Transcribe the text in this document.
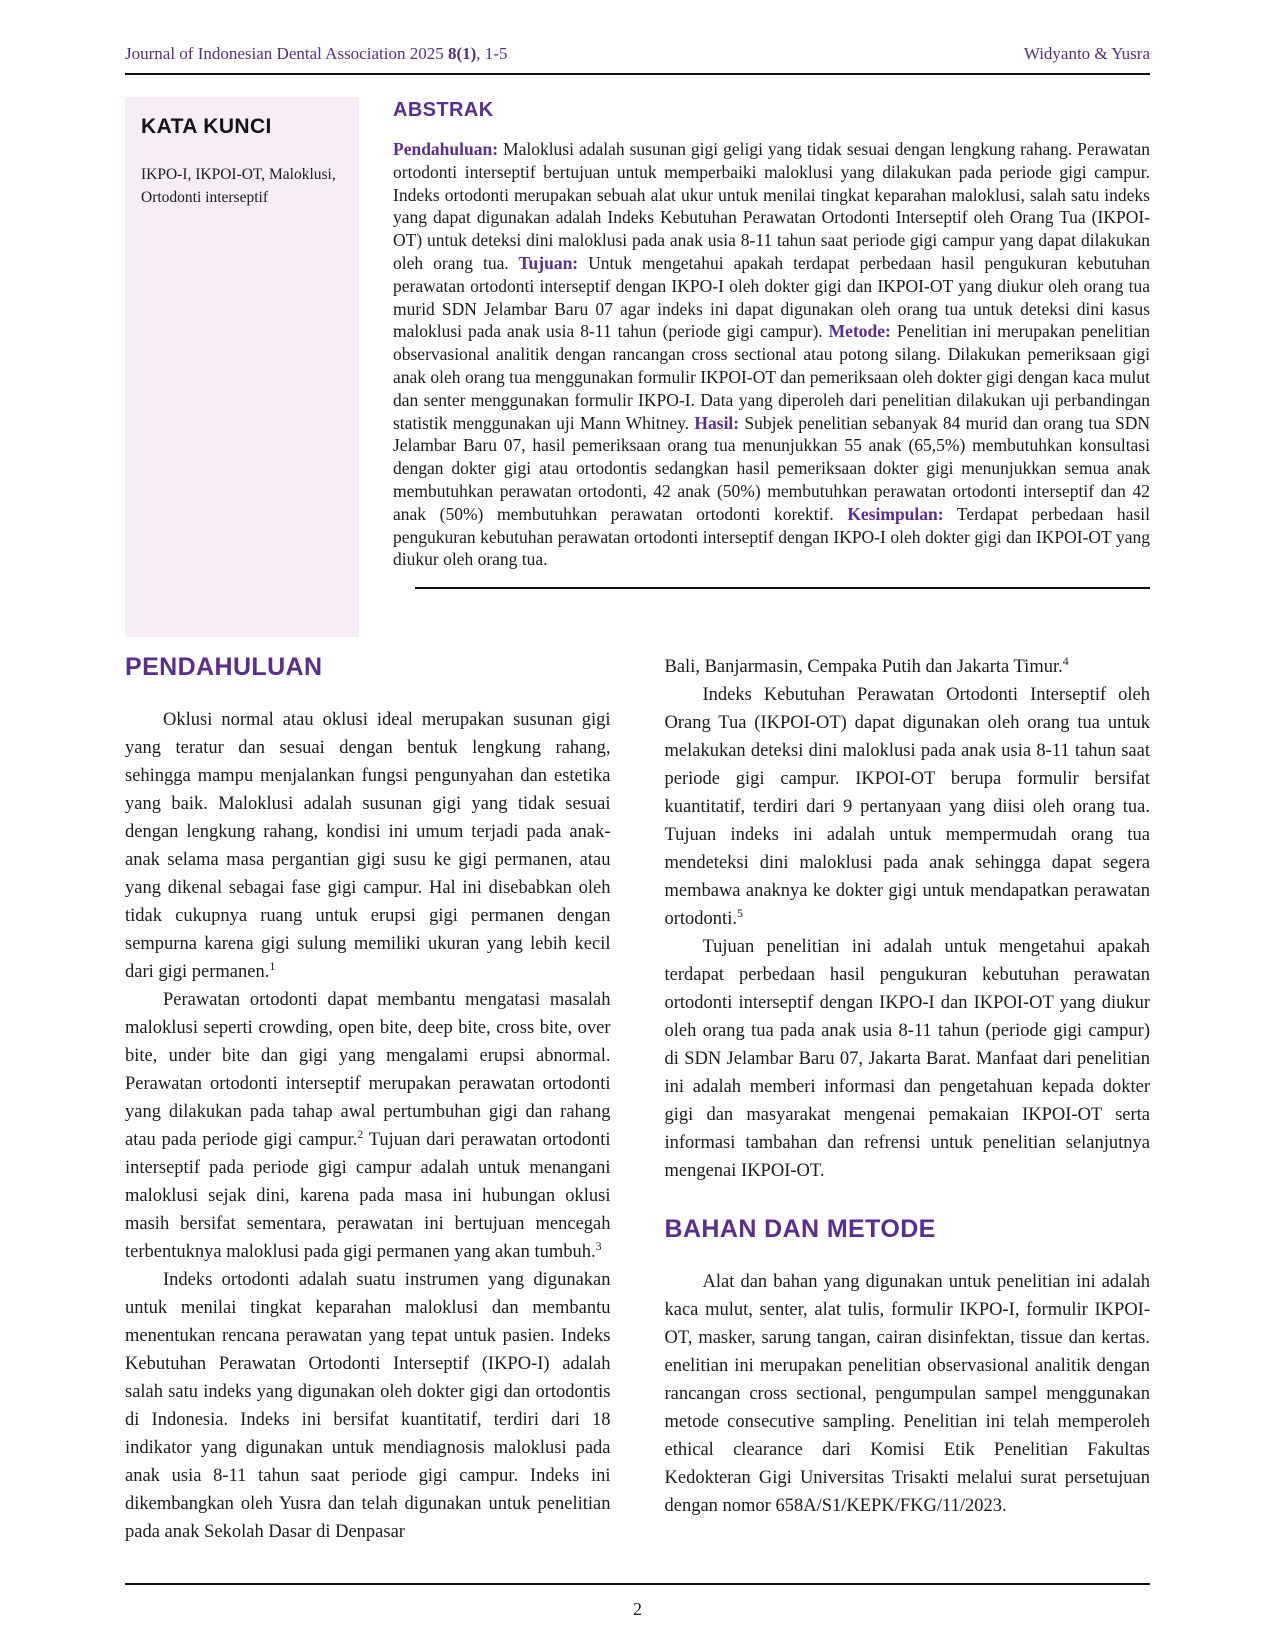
Journal of Indonesian Dental Association 2025 8(1), 1-5	Widyanto & Yusra
KATA KUNCI

IKPO-I, IKPOI-OT, Maloklusi, Ortodonti interseptif

ABSTRAK

Pendahuluan: Maloklusi adalah susunan gigi geligi yang tidak sesuai dengan lengkung rahang. Perawatan ortodonti interseptif bertujuan untuk memperbaiki maloklusi yang dilakukan pada periode gigi campur. Indeks ortodonti merupakan sebuah alat ukur untuk menilai tingkat keparahan maloklusi, salah satu indeks yang dapat digunakan adalah Indeks Kebutuhan Perawatan Ortodonti Interseptif oleh Orang Tua (IKPOI-OT) untuk deteksi dini maloklusi pada anak usia 8-11 tahun saat periode gigi campur yang dapat dilakukan oleh orang tua. Tujuan: Untuk mengetahui apakah terdapat perbedaan hasil pengukuran kebutuhan perawatan ortodonti interseptif dengan IKPO-I oleh dokter gigi dan IKPOI-OT yang diukur oleh orang tua murid SDN Jelambar Baru 07 agar indeks ini dapat digunakan oleh orang tua untuk deteksi dini kasus maloklusi pada anak usia 8-11 tahun (periode gigi campur). Metode: Penelitian ini merupakan penelitian observasional analitik dengan rancangan cross sectional atau potong silang. Dilakukan pemeriksaan gigi anak oleh orang tua menggunakan formulir IKPOI-OT dan pemeriksaan oleh dokter gigi dengan kaca mulut dan senter menggunakan formulir IKPO-I. Data yang diperoleh dari penelitian dilakukan uji perbandingan statistik menggunakan uji Mann Whitney. Hasil: Subjek penelitian sebanyak 84 murid dan orang tua SDN Jelambar Baru 07, hasil pemeriksaan orang tua menunjukkan 55 anak (65,5%) membutuhkan konsultasi dengan dokter gigi atau ortodontis sedangkan hasil pemeriksaan dokter gigi menunjukkan semua anak membutuhkan perawatan ortodonti, 42 anak (50%) membutuhkan perawatan ortodonti interseptif dan 42 anak (50%) membutuhkan perawatan ortodonti korektif. Kesimpulan: Terdapat perbedaan hasil pengukuran kebutuhan perawatan ortodonti interseptif dengan IKPO-I oleh dokter gigi dan IKPOI-OT yang diukur oleh orang tua.

PENDAHULUAN

Oklusi normal atau oklusi ideal merupakan susunan gigi yang teratur dan sesuai dengan bentuk lengkung rahang, sehingga mampu menjalankan fungsi pengunyahan dan estetika yang baik. Maloklusi adalah susunan gigi yang tidak sesuai dengan lengkung rahang, kondisi ini umum terjadi pada anak-anak selama masa pergantian gigi susu ke gigi permanen, atau yang dikenal sebagai fase gigi campur. Hal ini disebabkan oleh tidak cukupnya ruang untuk erupsi gigi permanen dengan sempurna karena gigi sulung memiliki ukuran yang lebih kecil dari gigi permanen.$^1$

Perawatan ortodonti dapat membantu mengatasi masalah maloklusi seperti crowding, open bite, deep bite, cross bite, over bite, under bite dan gigi yang mengalami erupsi abnormal. Perawatan ortodonti interseptif merupakan perawatan ortodonti yang dilakukan pada tahap awal pertumbuhan gigi dan rahang atau pada periode gigi campur.$^2$ Tujuan dari perawatan ortodonti interseptif pada periode gigi campur adalah untuk menangani maloklusi sejak dini, karena pada masa ini hubungan oklusi masih bersifat sementara, perawatan ini bertujuan mencegah terbentuknya maloklusi pada gigi permanen yang akan tumbuh.$^3$

Indeks ortodonti adalah suatu instrumen yang digunakan untuk menilai tingkat keparahan maloklusi dan membantu menentukan rencana perawatan yang tepat untuk pasien. Indeks Kebutuhan Perawatan Ortodonti Interseptif (IKPO-I) adalah salah satu indeks yang digunakan oleh dokter gigi dan ortodontis di Indonesia. Indeks ini bersifat kuantitatif, terdiri dari 18 indikator yang digunakan untuk mendiagnosis maloklusi pada anak usia 8-11 tahun saat periode gigi campur. Indeks ini dikembangkan oleh Yusra dan telah digunakan untuk penelitian pada anak Sekolah Dasar di Denpasar

Bali, Banjarmasin, Cempaka Putih dan Jakarta Timur.$^4$

Indeks Kebutuhan Perawatan Ortodonti Interseptif oleh Orang Tua (IKPOI-OT) dapat digunakan oleh orang tua untuk melakukan deteksi dini maloklusi pada anak usia 8-11 tahun saat periode gigi campur. IKPOI-OT berupa formulir bersifat kuantitatif, terdiri dari 9 pertanyaan yang diisi oleh orang tua. Tujuan indeks ini adalah untuk mempermudah orang tua mendeteksi dini maloklusi pada anak sehingga dapat segera membawa anaknya ke dokter gigi untuk mendapatkan perawatan ortodonti.$^5$

Tujuan penelitian ini adalah untuk mengetahui apakah terdapat perbedaan hasil pengukuran kebutuhan perawatan ortodonti interseptif dengan IKPO-I dan IKPOI-OT yang diukur oleh orang tua pada anak usia 8-11 tahun (periode gigi campur) di SDN Jelambar Baru 07, Jakarta Barat. Manfaat dari penelitian ini adalah memberi informasi dan pengetahuan kepada dokter gigi dan masyarakat mengenai pemakaian IKPOI-OT serta informasi tambahan dan refrensi untuk penelitian selanjutnya mengenai IKPOI-OT.

BAHAN DAN METODE

Alat dan bahan yang digunakan untuk penelitian ini adalah kaca mulut, senter, alat tulis, formulir IKPO-I, formulir IKPOI-OT, masker, sarung tangan, cairan disinfektan, tissue dan kertas. enelitian ini merupakan penelitian observasional analitik dengan rancangan cross sectional, pengumpulan sampel menggunakan metode consecutive sampling. Penelitian ini telah memperoleh ethical clearance dari Komisi Etik Penelitian Fakultas Kedokteran Gigi Universitas Trisakti melalui surat persetujuan dengan nomor 658A/S1/KEPK/FKG/11/2023.

2
